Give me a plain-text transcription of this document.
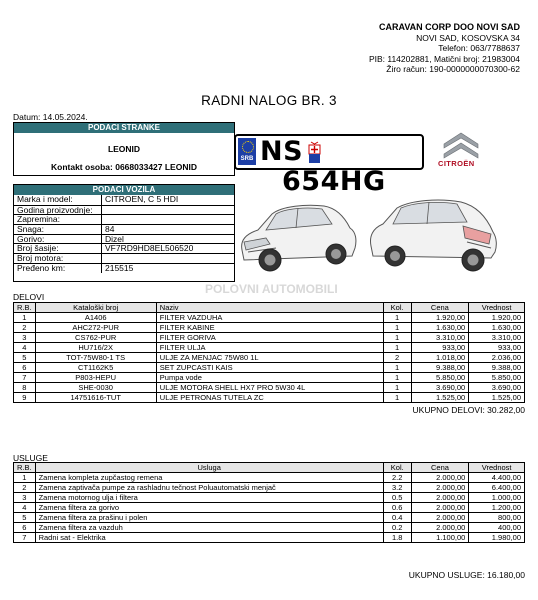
CARAVAN CORP DOO NOVI SAD
NOVI SAD, KOSOVSKA 34
Telefon: 063/7788637
PIB: 114202881, Matični broj: 21983004
Žiro račun: 190-0000000070300-62
RADNI NALOG BR. 3
Datum: 14.05.2024.
PODACI STRANKE
LEONID
Kontakt osoba: 0668033427 LEONID
PODACI VOZILA
Marka i model:	CITROEN, C 5 HDI
Godina proizvodnje:
Zapremina:
Snaga:	84
Gorivo:	Dizel
Broj šasije:	VF7RD9HD8EL506520
Broj motora:
Pređeno km:	215515
SRB NS654HG
CITROËN
DELOVI
R.B.	Kataloški broj	Naziv	Kol.	Cena	Vrednost
1	A1406	FILTER VAZDUHA	1	1.920,00	1.920,00
2	AHC272-PUR	FILTER KABINE	1	1.630,00	1.630,00
3	CS762-PUR	FILTER GORIVA	1	3.310,00	3.310,00
4	HU716/2X	FILTER ULJA	1	933,00	933,00
5	TOT-75W80-1 TS	ULJE ZA MENJAC 75W80 1L	2	1.018,00	2.036,00
6	CT1162K5	SET ZUPCASTI KAIS	1	9.388,00	9.388,00
7	P803-HEPU	Pumpa vode	1	5.850,00	5.850,00
8	SHE-0030	ULJE MOTORA SHELL HX7 PRO 5W30 4L	1	3.690,00	3.690,00
9	14751616-TUT	ULJE PETRONAS TUTELA ZC	1	1.525,00	1.525,00
UKUPNO DELOVI: 30.282,00
POLOVNI AUTOMOBILI
USLUGE
R.B.	Usluga	Kol.	Cena	Vrednost
1	Zamena kompleta zupčastog remena	2.2	2.000,00	4.400,00
2	Zamena zaptivača pumpe za rashladnu tečnost Poluautomatski menjač	3.2	2.000,00	6.400,00
3	Zamena motornog ulja i filtera	0.5	2.000,00	1.000,00
4	Zamena filtera za gorivo	0.6	2.000,00	1.200,00
5	Zamena filtera za prašinu i polen	0.4	2.000,00	800,00
6	Zamena filtera za vazduh	0.2	2.000,00	400,00
7	Radni sat - Elektrika	1.8	1.100,00	1.980,00
UKUPNO USLUGE: 16.180,00
